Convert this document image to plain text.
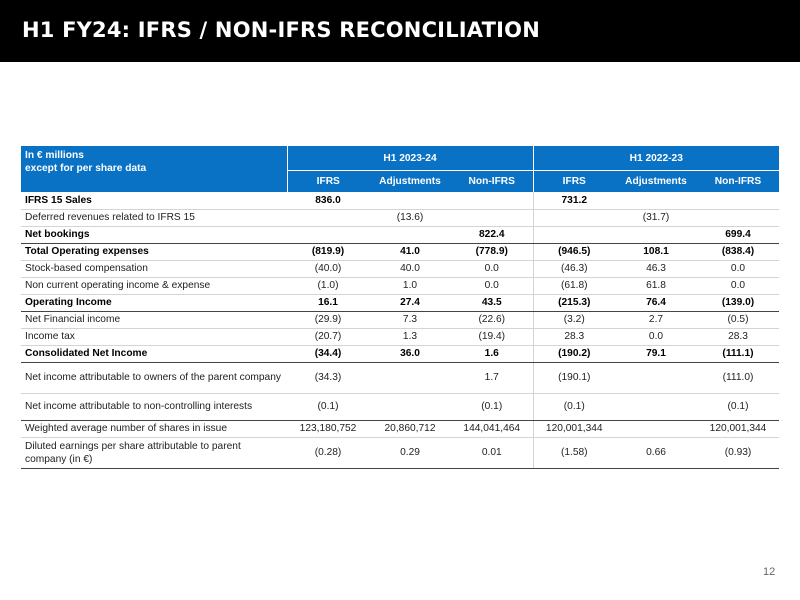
H1 FY24: IFRS / NON-IFRS RECONCILIATION
In € millions
except for per share data	H1 2023-24			H1 2022-23		
	IFRS	Adjustments	Non-IFRS	IFRS	Adjustments	Non-IFRS
IFRS 15 Sales	836.0			731.2		
Deferred revenues related to IFRS 15		(13.6)			(31.7)	
Net bookings			822.4			699.4
Total Operating expenses	(819.9)	41.0	(778.9)	(946.5)	108.1	(838.4)
Stock-based compensation	(40.0)	40.0	0.0	(46.3)	46.3	0.0
Non current operating income & expense	(1.0)	1.0	0.0	(61.8)	61.8	0.0
Operating Income	16.1	27.4	43.5	(215.3)	76.4	(139.0)
Net Financial income	(29.9)	7.3	(22.6)	(3.2)	2.7	(0.5)
Income tax	(20.7)	1.3	(19.4)	28.3	0.0	28.3
Consolidated Net Income	(34.4)	36.0	1.6	(190.2)	79.1	(111.1)
Net income attributable to owners of the parent company	(34.3)		1.7	(190.1)		(111.0)
Net income attributable to non-controlling interests	(0.1)		(0.1)	(0.1)		(0.1)
Weighted average number of shares in issue	123,180,752	20,860,712	144,041,464	120,001,344		120,001,344
Diluted earnings per share attributable to parent company (in €)	(0.28)	0.29	0.01	(1.58)	0.66	(0.93)
12
